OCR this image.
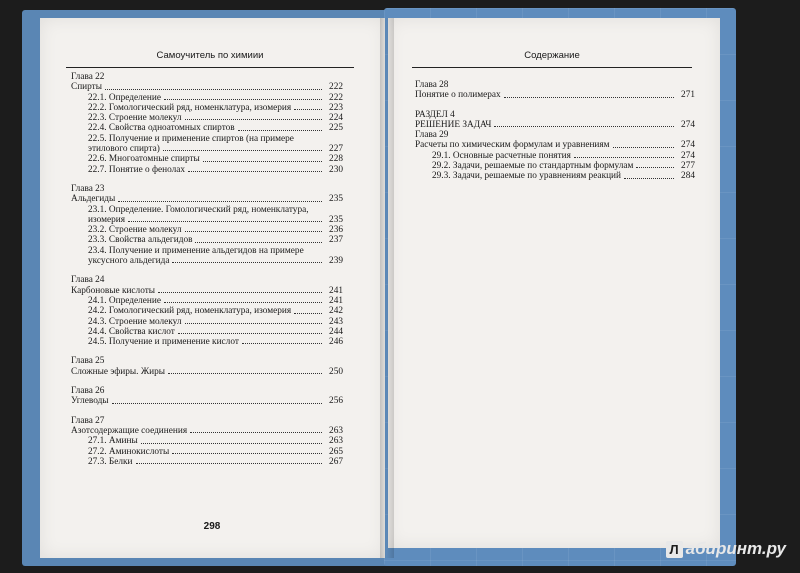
Самоучитель по химиии	Содержание
Глава 22
Спирты	222
22.1. Определение	222
22.2. Гомологический ряд, номенклатура, изомерия	223
22.3. Строение молекул	224
22.4. Свойства одноатомных спиртов	225
22.5. Получение и применение спиртов (на примере
этилового спирта)	227
22.6. Многоатомные спирты	228
22.7. Понятие о фенолах	230
Глава 23
Альдегиды	235
23.1. Определение. Гомологический ряд, номенклатура,
изомерия	235
23.2. Строение молекул	236
23.3. Свойства альдегидов	237
23.4. Получение и применение альдегидов на примере
уксусного альдегида	239
Глава 24
Карбоновые кислоты	241
24.1. Определение	241
24.2. Гомологический ряд, номенклатура, изомерия	242
24.3. Строение молекул	243
24.4. Свойства кислот	244
24.5. Получение и применение кислот	246
Глава 25
Сложные эфиры. Жиры	250
Глава 26
Углеводы	256
Глава 27
Азотсодержащие соединения	263
27.1. Амины	263
27.2. Аминокислоты	265
27.3. Белки	267
Глава 28
Понятие о полимерах	271
РАЗДЕЛ 4
РЕШЕНИЕ ЗАДАЧ	274
Глава 29
Расчеты по химическим формулам и уравнениям	274
29.1. Основные расчетные понятия	274
29.2. Задачи, решаемые по стандартным формулам	277
29.3. Задачи, решаемые по уравнениям реакций	284
298
Л абиринт.ру
